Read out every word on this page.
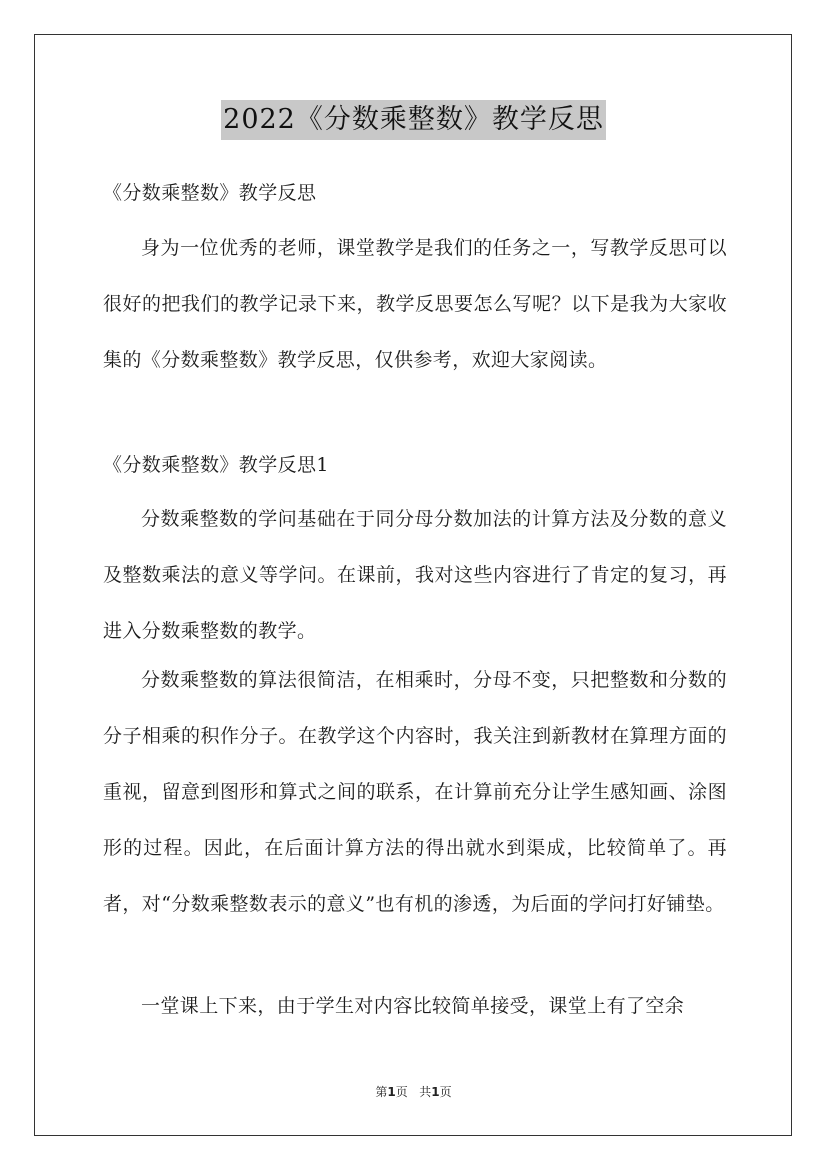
2022《分数乘整数》教学反思
《分数乘整数》教学反思
身为一位优秀的老师，课堂教学是我们的任务之一，写教学反思可以很好的把我们的教学记录下来，教学反思要怎么写呢？以下是我为大家收集的《分数乘整数》教学反思，仅供参考，欢迎大家阅读。
《分数乘整数》教学反思1
分数乘整数的学问基础在于同分母分数加法的计算方法及分数的意义及整数乘法的意义等学问。在课前，我对这些内容进行了肯定的复习，再进入分数乘整数的教学。
分数乘整数的算法很简洁，在相乘时，分母不变，只把整数和分数的分子相乘的积作分子。在教学这个内容时，我关注到新教材在算理方面的重视，留意到图形和算式之间的联系，在计算前充分让学生感知画、涂图形的过程。因此，在后面计算方法的得出就水到渠成，比较简单了。再者，对“分数乘整数表示的意义”也有机的渗透，为后面的学问打好铺垫。
一堂课上下来，由于学生对内容比较简单接受，课堂上有了空余
第1页 共1页
